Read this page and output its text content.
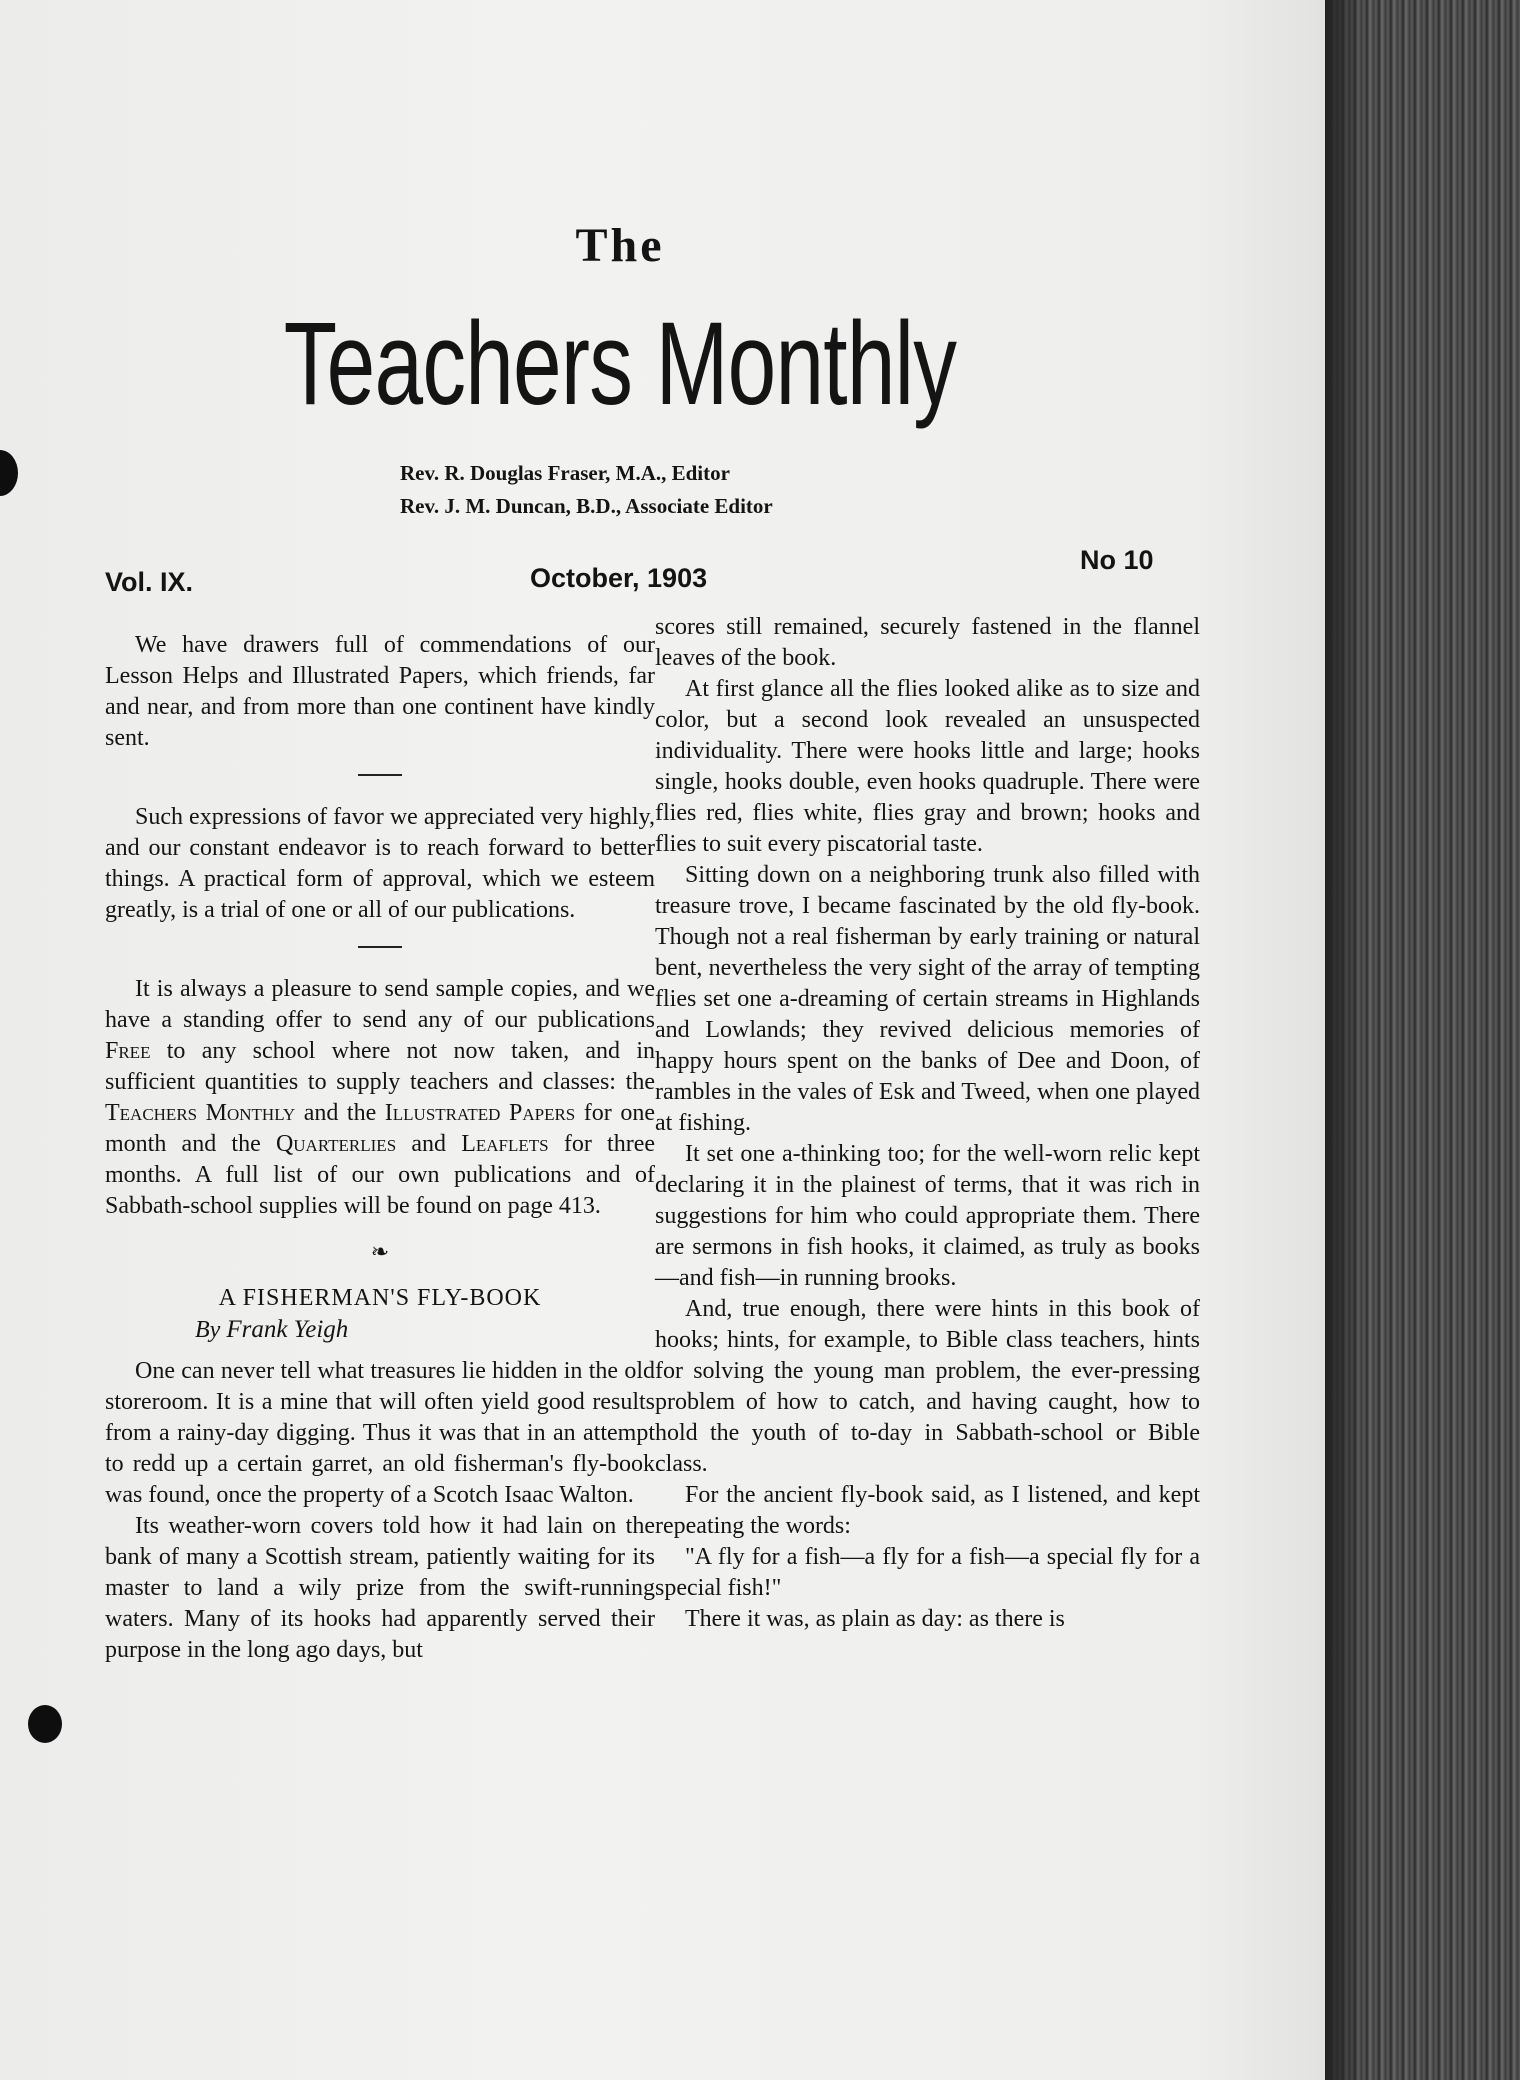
The
Teachers Monthly
Rev. R. Douglas Fraser, M.A., Editor
Rev. J. M. Duncan, B.D., Associate Editor
Vol. IX.	October, 1903
No 10

We have drawers full of commendations of our Lesson Helps and Illustrated Papers, which friends, far and near, and from more than one continent have kindly sent.

Such expressions of favor we appreciated very highly, and our constant endeavor is to reach forward to better things. A practical form of approval, which we esteem greatly, is a trial of one or all of our publications.

It is always a pleasure to send sample copies, and we have a standing offer to send any of our publications Free to any school where not now taken, and in sufficient quantities to supply teachers and classes: the Teachers Monthly and the Illustrated Papers for one month and the Quarterlies and Leaflets for three months. A full list of our own publications and of Sabbath-school supplies will be found on page 413.

❧

A FISHERMAN'S FLY-BOOK

By Frank Yeigh

One can never tell what treasures lie hidden in the old storeroom. It is a mine that will often yield good results from a rainy-day digging. Thus it was that in an attempt to redd up a certain garret, an old fisherman's fly-book was found, once the property of a Scotch Isaac Walton.

Its weather-worn covers told how it had lain on the bank of many a Scottish stream, patiently waiting for its master to land a wily prize from the swift-running waters. Many of its hooks had apparently served their purpose in the long ago days, but

scores still remained, securely fastened in the flannel leaves of the book.

At first glance all the flies looked alike as to size and color, but a second look revealed an unsuspected individuality. There were hooks little and large; hooks single, hooks double, even hooks quadruple. There were flies red, flies white, flies gray and brown; hooks and flies to suit every piscatorial taste.

Sitting down on a neighboring trunk also filled with treasure trove, I became fascinated by the old fly-book. Though not a real fisherman by early training or natural bent, nevertheless the very sight of the array of tempting flies set one a-dreaming of certain streams in Highlands and Lowlands; they revived delicious memories of happy hours spent on the banks of Dee and Doon, of rambles in the vales of Esk and Tweed, when one played at fishing.

It set one a-thinking too; for the well-worn relic kept declaring it in the plainest of terms, that it was rich in suggestions for him who could appropriate them. There are sermons in fish hooks, it claimed, as truly as books—and fish—in running brooks.

And, true enough, there were hints in this book of hooks; hints, for example, to Bible class teachers, hints for solving the young man problem, the ever-pressing problem of how to catch, and having caught, how to hold the youth of to-day in Sabbath-school or Bible class.

For the ancient fly-book said, as I listened, and kept repeating the words:

"A fly for a fish—a fly for a fish—a special fly for a special fish!"

There it was, as plain as day: as there is
